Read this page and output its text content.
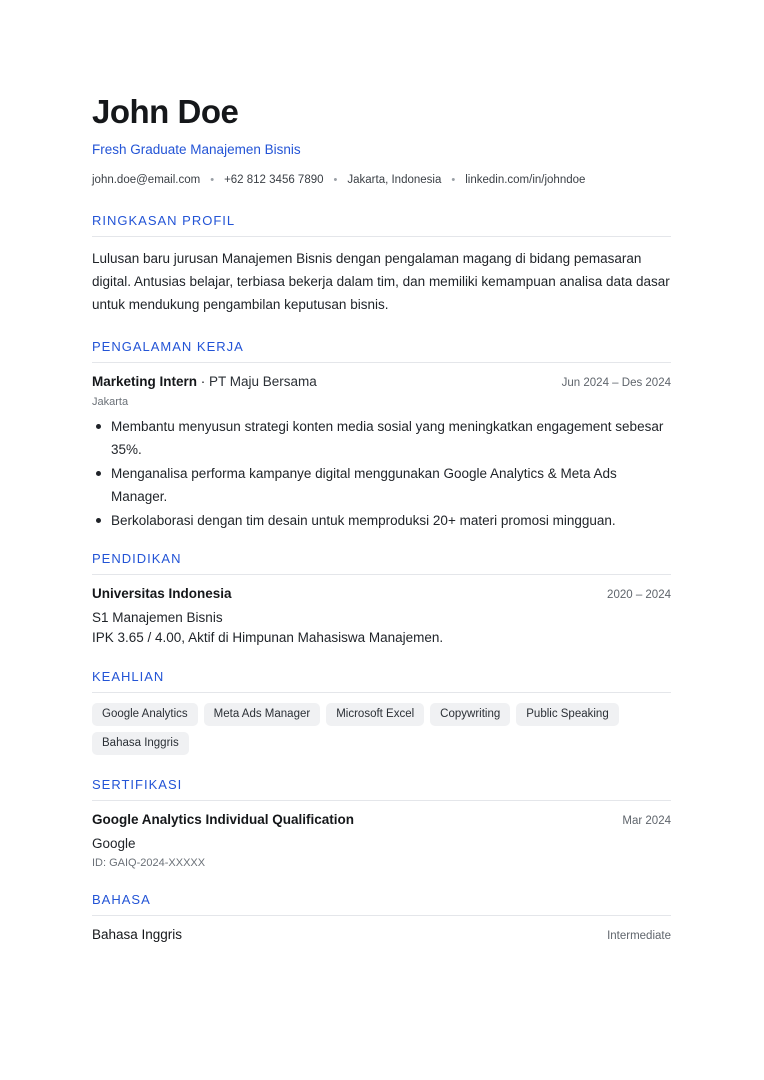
John Doe
Fresh Graduate Manajemen Bisnis
john.doe@email.com • +62 812 3456 7890 • Jakarta, Indonesia • linkedin.com/in/johndoe
RINGKASAN PROFIL

Lulusan baru jurusan Manajemen Bisnis dengan pengalaman magang di bidang pemasaran digital. Antusias belajar, terbiasa bekerja dalam tim, dan memiliki kemampuan analisa data dasar untuk mendukung pengambilan keputusan bisnis.

PENGALAMAN KERJA
Marketing Intern · PT Maju Bersama	Jun 2024 – Des 2024
Jakarta
Membantu menyusun strategi konten media sosial yang meningkatkan engagement sebesar 35%.
Menganalisa performa kampanye digital menggunakan Google Analytics & Meta Ads Manager.
Berkolaborasi dengan tim desain untuk memproduksi 20+ materi promosi mingguan.
PENDIDIKAN
Universitas Indonesia	2020 – 2024
S1 Manajemen Bisnis
IPK 3.65 / 4.00, Aktif di Himpunan Mahasiswa Manajemen.
KEAHLIAN
Google Analytics	Meta Ads Manager	Microsoft Excel	Copywriting	Public Speaking
Bahasa Inggris
SERTIFIKASI
Google Analytics Individual Qualification	Mar 2024
Google
ID: GAIQ-2024-XXXXX
BAHASA
Bahasa Inggris	Intermediate
